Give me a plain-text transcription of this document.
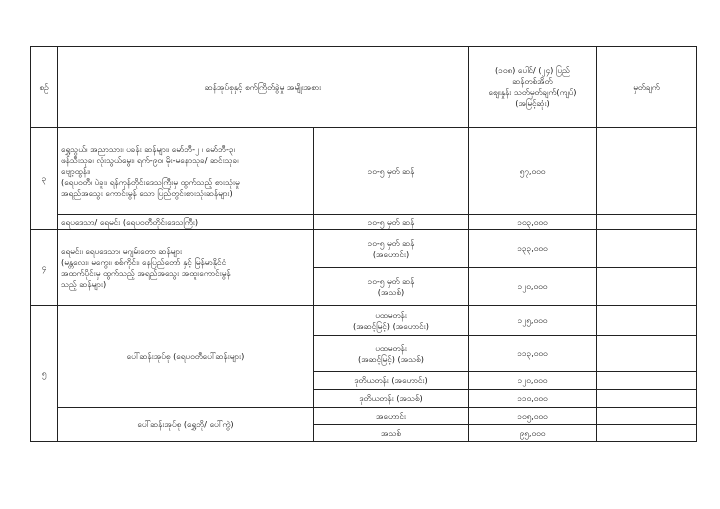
စဉ်	ဆန်အုပ်စုနှင့် စက်ကြိတ်ခွဲမှု အမျိုးအစား		(၁၀၈) ပေါင်/ (၂၄) ပြည်
ဆန်တစ်အိတ်
ဈေးနှုန်း သတ်မှတ်ချက်(ကျပ်)
(အမြင့်ဆုံး)	မှတ်ချက်
၃	ရွှေသွယ်၊ အညာသား၊ ပခန်း ဆန်များ၊ မော်ဘီ-၂ ၊ မော်ဘီ-၃၊
ဖန်သီးသုခ၊ လုံးသွယ်မွေး၊ ရက်-၉၀၊ မိုး-မနောသုခ/ ဆင်းသုခ၊
ဗျော့ထွန်း၊
(ရေပဝတီ၊ ပဲခူး၊ ရန်ကုန်တိုင်းဒေသကြီးမှ ထွက်သည့် စားသုံးမှု
အရည်အသွေး ကောင်းမွန် သော ပြည်တွင်းစားသုံးဆန်များ)	၁၀-၅ မှတ် ဆန်	၅၇,၀၀၀	
	ရေပဒေသာ/ ရေမင်း (ရေပဝတီတိုင်းဒေသကြီး)	၁၀-၅ မှတ် ဆန်	၁၀၃,၀၀၀	
၄	ရေမင်း၊ ရေပဒေသာ၊ မဂျမ်းတော ဆန်များ
(မန္တလေး၊ မကွေး၊ စစ်ကိုင်း၊ နေပြည်တော် နှင့် မြန်မာနိုင်ငံ
အထက်ပိုင်းမှ ထွက်သည့် အရည်အသွေး အထူးကောင်းမွန်
သည့် ဆန်များ)	၁၀-၅ မှတ် ဆန်
(အဟောင်း)	၁၃၃,၀၀၀	

		၁၀-၅ မှတ် ဆန်
(အသစ်)	၁၂၀,၀၀၀	
၅	ပေါ်ဆန်းအုပ်စု (ရေပဝတီပေါ်ဆန်းများ)	ပထမတန်း
(အဆင့်မြင့်) (အဟောင်း)	၁၂၅,၀၀၀	

		ပထမတန်း
(အဆင့်မြင့်) (အသစ်)	၁၁၃,၀၀၀	
		ဒုတိယတန်း (အဟောင်း)	၁၂၀,၀၀၀	
		ဒုတိယတန်း (အသစ်)	၁၁၀,၀၀၀	
	ပေါ်ဆန်းအုပ်စု (ရွှေဘို/ ပေါ်ကွဲ)	အဟောင်း	၁၀၅,၀၀၀	
		အသစ်	၉၅,၀၀၀	
